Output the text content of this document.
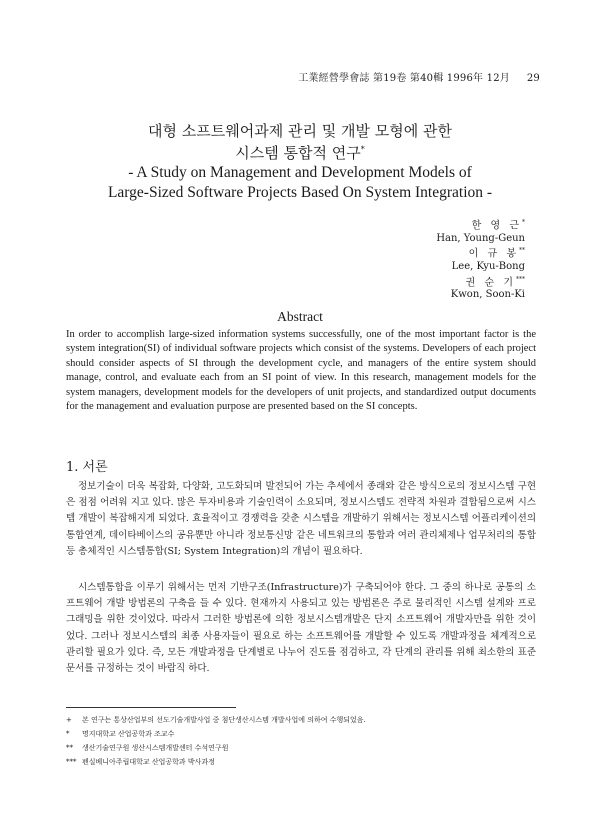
工業經營學會誌 第19卷 第40輯 1996年 12月 29
대형 소프트웨어과제 관리 및 개발 모형에 관한
시스템 통합적 연구*
- A Study on Management and Development Models of
Large-Sized Software Projects Based On System Integration -
한 영 근*
Han, Young-Geun
이 규 봉**
Lee, Kyu-Bong
권 순 기***
Kwon, Soon-Ki
Abstract

In order to accomplish large-sized information systems successfully, one of the most important factor is the system integration(SI) of individual software projects which consist of the systems. Developers of each project should consider aspects of SI through the development cycle, and managers of the entire system should manage, control, and evaluate each from an SI point of view. In this research, management models for the system managers, development models for the developers of unit projects, and standardized output documents for the management and evaluation purpose are presented based on the SI concepts.

1. 서론

정보기술이 더욱 복잡화, 다양화, 고도화되며 발전되어 가는 추세에서 종래와 같은 방식으로의 정보시스템 구현은 점점 어려워 지고 있다. 많은 투자비용과 기술인력이 소요되며, 정보시스템도 전략적 차원과 결합됨으로써 시스템 개발이 복잡해지게 되었다. 효율적이고 경쟁력을 갖춘 시스템을 개발하기 위해서는 정보시스템 어플리케이션의 통합연계, 데이타베이스의 공유뿐만 아니라 정보통신망 같은 네트워크의 통합과 여러 관리체제나 업무처리의 통합 등 총체적인 시스템통합(SI; System Integration)의 개념이 필요하다.

시스템통합을 이루기 위해서는 먼저 기반구조(Infrastructure)가 구축되어야 한다. 그 중의 하나로 공통의 소프트웨어 개발 방법론의 구축을 들 수 있다. 현재까지 사용되고 있는 방법론은 주로 물리적인 시스템 설계와 프로그래밍을 위한 것이었다. 따라서 그러한 방법론에 의한 정보시스템개발은 단지 소프트웨어 개발자만을 위한 것이었다. 그러나 정보시스템의 최종 사용자들이 필요로 하는 소프트웨어를 개발할 수 있도록 개발과정을 체계적으로 관리할 필요가 있다. 즉, 모든 개발과정을 단계별로 나누어 진도를 점검하고, 각 단계의 관리를 위해 최소한의 표준문서를 규정하는 것이 바람직 하다.

+ 본 연구는 통상산업부의 선도기술개발사업 중 첨단생산시스템 개발사업에 의하여 수행되었음.
* 명지대학교 산업공학과 조교수
** 생산기술연구원 생산시스템개발센터 수석연구원
*** 펜실베니아주립대학교 산업공학과 박사과정
